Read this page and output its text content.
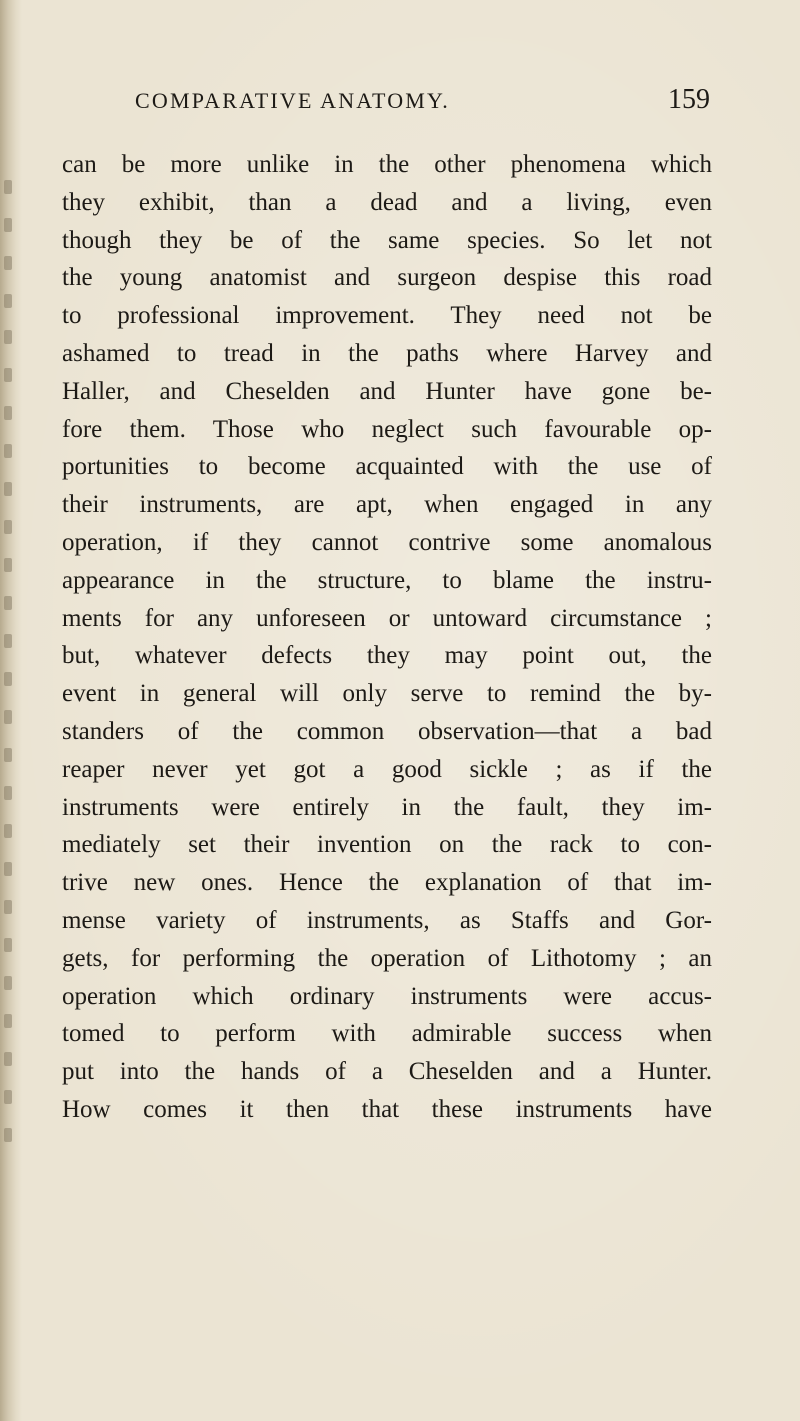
COMPARATIVE ANATOMY.	159
can be more unlike in the other phenomena which
they exhibit, than a dead and a living, even
though they be of the same species. So let not
the young anatomist and surgeon despise this road
to professional improvement. They need not be
ashamed to tread in the paths where Harvey and
Haller, and Cheselden and Hunter have gone be-
fore them. Those who neglect such favourable op-
portunities to become acquainted with the use of
their instruments, are apt, when engaged in any
operation, if they cannot contrive some anomalous
appearance in the structure, to blame the instru-
ments for any unforeseen or untoward circumstance ;
but, whatever defects they may point out, the
event in general will only serve to remind the by-
standers of the common observation—that a bad
reaper never yet got a good sickle ; as if the
instruments were entirely in the fault, they im-
mediately set their invention on the rack to con-
trive new ones. Hence the explanation of that im-
mense variety of instruments, as Staffs and Gor-
gets, for performing the operation of Lithotomy ; an
operation which ordinary instruments were accus-
tomed to perform with admirable success when
put into the hands of a Cheselden and a Hunter.
How comes it then that these instruments have
